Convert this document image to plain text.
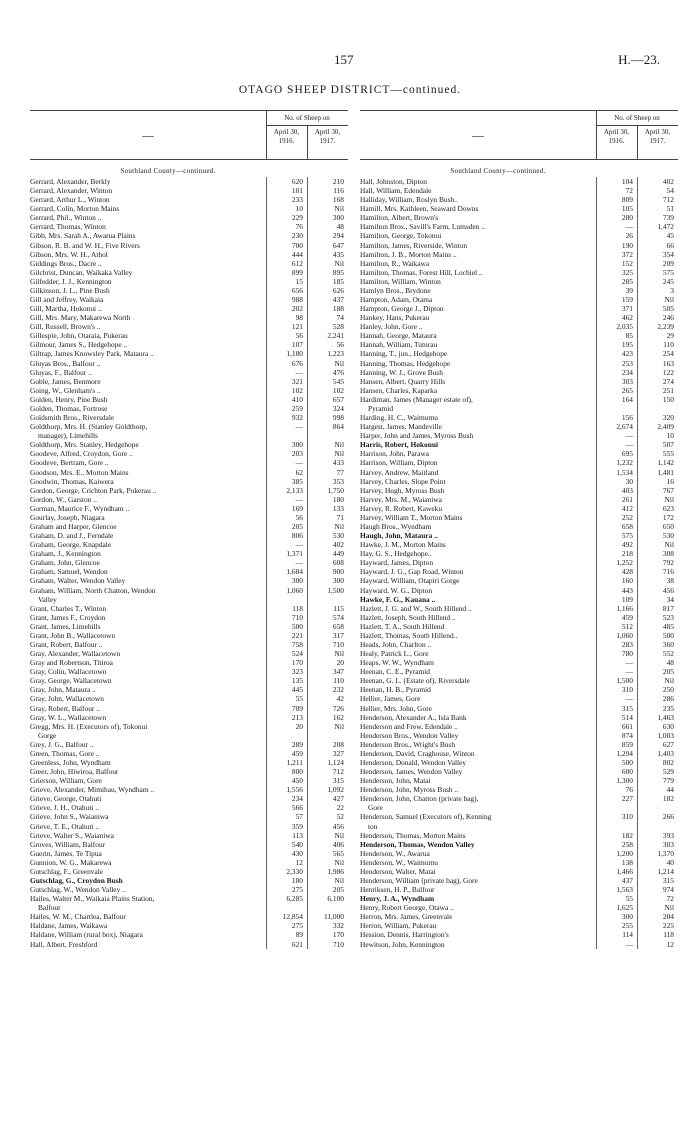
157	H.—23.
OTAGO SHEEP DISTRICT—continued.
—
No. of Sheep on
April 30, 1916.
April 30, 1917.
Southland County—continued.
Gerrard, Alexander, Berkly	620	210
Gerrard, Alexander, Winton	101	116
Gerrard, Arthur L., Winton	233	168
Gerrard, Colin, Morton Mains	10	Nil
Gerrard, Phil., Winton ..	229	300
Gerrard, Thomas, Winton	76	48
Gibb, Mrs. Sarah A., Awarua Plains	230	294
Gibson, R. B. and W. H., Five Rivers	700	647
Gibson, Mrs. W. H., Athol	444	435
Giddings Bros., Dacre ..	612	Nil
Gilchrist, Duncan, Waikaka Valley	899	895
Gilfedder, J. J., Kennington	15	185
Gilkinson, J. L., Pine Bush	656	626
Gill and Jeffrey, Waikaia	988	437
Gill, Martha, Hokonui ..	202	188
Gill, Mrs. Mary, Makarewa North	98	74
Gill, Russell, Brown's ..	121	528
Gillespie, John, Otaraia, Pukerau	56	2,241
Gilmour, James S., Hedgehope ..	107	56
Giltrap, James Knowsley Park, Mataura ..	1,180	1,223
Gluyas Bros., Balfour ..	676	Nil
Gluyas, F., Balfour ..	—	476
Goble, James, Benmore	321	545
Going, W., Glenham's ..	102	102
Golden, Henry, Pine Bush	410	657
Golden, Thomas, Fortrose	259	324
Goldsmith Bros., Riversdale	932	998
Goldthorp, Mrs. H. (Stanley Goldthorp,	—	864
manager), Limehills
Goldthorp, Mrs. Stanley, Hedgehope	300	Nil
Goodeve, Alfred, Croydon, Gore ..	203	Nil
Goodeve, Bertram, Gore ..	—	433
Goodson, Mrs. E., Morton Mains	62	77
Goodwin, Thomas, Kaiwera	385	353
Gordon, George, Crichton Park, Pukerau ..	2,133	1,750
Gordon, W., Garston ..	—	180
Gorman, Maurice F., Wyndham ..	169	133
Gourlay, Joseph, Niagara	56	71
Graham and Harper, Glencoe	205	Nil
Graham, D. and J., Ferndale	806	530
Graham, George, Knapdale	—	402
Graham, J., Kennington	1,371	449
Graham, John, Glencoe	—	608
Graham, Samuel, Wendon	1,684	900
Graham, Walter, Wendon Valley	300	300
Graham, William, North Chatton, Wendon	1,060	1,500
Valley
Grant, Charles T., Winton	118	115
Grant, James F., Croydon	710	574
Grant, James, Limehills	500	658
Grant, John B., Wallacetown	221	317
Grant, Robert, Balfour ..	758	710
Gray, Alexander, Wallacetown	524	Nil
Gray and Robertson, Titiroa	170	20
Gray, Colin, Wallacetown	323	347
Gray, George, Wallacetown	135	110
Gray, John, Mataura ..	445	232
Gray, John, Wallacetown	55	42
Gray, Robert, Balfour ..	709	726
Gray, W. L., Wallacetown	213	162
Gregg, Mrs. H. (Executors of), Tokonui	20	Nil
Gorge
Grey, J. G., Balfour ..	289	208
Green, Thomas, Gore ..	459	327
Greenless, John, Wyndham	1,211	1,124
Greer, John, Hiwiroa, Balfour	800	712
Grierson, William, Gore	450	315
Grieve, Alexander, Mimihau, Wyndham ..	1,556	1,092
Grieve, George, Otahuti	234	427
Grieve, J. H., Otahuti ..	566	22
Grieve, John S., Waianiwa	57	52
Grieve, T. E., Otahuti ..	359	456
Grieve, Walter S., Waianiwa	113	Nil
Groves, William, Balfour	540	406
Guerin, James, Te Tipua	430	565
Gunnion, W. G., Makarewa	12	Nil
Gutschlag, F., Greenvale	2,330	1,986
Gutschlag, G., Croydon Bush	180	Nil
Gutschlag, W., Wendon Valley ..	275	205
Hailes, Walter M., Waikaia Plains Station,	6,285	6,100
Balfour
Hailes, W. M., Chartlea, Balfour	12,854	11,000
Haldane, James, Waikawa	275	332
Haldane, William (rural box), Niagara	89	170
Hall, Albert, Freshford	621	710
—
No. of Sheep on
April 30, 1916.
April 30, 1917.
Southland County—continued.
Hall, Johnston, Dipton	104	402
Hall, William, Edendale	72	54
Halliday, William, Roslyn Bush..	809	712
Hamill, Mrs. Kathleen, Seaward Downs	105	51
Hamilton, Albert, Brown's	280	739
Hamilton Bros., Savill's Farm, Lumsden ..	—	1,472
Hamilton, George, Tokonui	26	45
Hamilton, James, Riverside, Winton	190	66
Hamilton, J. B., Morton Mains ..	372	354
Hamilton, R., Waikawa	152	209
Hamilton, Thomas, Forest Hill, Lochiel ..	325	575
Hamilton, William, Winton	285	245
Hamlyn Bros., Brydone	39	3
Hampton, Adam, Otama	159	Nil
Hampton, George J., Dipton	371	505
Hankey, Hans, Pukerau	462	246
Hanley, John, Gore ..	2,035	2,239
Hannah, George, Mataura	85	29
Hannah, William, Tuturau	195	110
Hanning, T., jun., Hedgehope	423	254
Hanning, Thomas, Hedgehope	253	163
Hanning, W. J., Grove Bush	234	122
Hansen, Albert, Quarry Hills	303	274
Hansen, Charles, Kaparka	265	251
Hardiman, James (Manager estate of),	164	150
Pyramid
Harding, H. C., Waimumu	156	320
Hargest, James, Mandeville	2,674	2,409
Harper, John and James, Myross Bush	—	10
Harris, Robert, Hokonui	—	507
Harrison, John, Parawa	695	555
Harrison, William, Dipton	1,232	1,142
Harvey, Andrew, Maitland	1,534	1,481
Harvey, Charles, Slope Point	30	16
Harvey, Hugh, Myross Bush	403	767
Harvey, Mrs. M., Waianiwa	261	Nil
Harvey, R. Robert, Kaweku	412	623
Harvey, William T., Morton Mains	252	172
Haugh Bros., Wyndham	658	650
Haugh, John, Mataura ..	575	530
Hawke, J. M., Morton Mains	492	Nil
Hay, G. S., Hedgehope..	218	308
Hayward, James, Dipton	1,252	792
Hayward, J. G., Gap Road, Winton	428	716
Hayward, William, Otapiri Gorge	160	38
Hayward, W. G., Dipton	443	456
Hawke, F. G., Kauana ..	109	34
Hazlett, J. G. and W., South Hillend ..	1,166	817
Hazlett, Joseph, South Hillend ..	459	523
Hazlett, T. A., South Hillend	512	485
Hazlett, Thomas, South Hillend..	1,060	500
Heads, John, Charlton ..	283	360
Healy, Patrick L., Gore	780	552
Heaps, W. W., Wyndham	—	48
Heenan, C. E., Pyramid	—	205
Heenan, G. L. (Estate of), Riversdale	1,500	Nil
Heenan, H. B., Pyramid	310	250
Hellier, James, Gore	—	286
Hellier, Mrs. John, Gore	315	235
Henderson, Alexander A., Isla Bank	514	1,463
Henderson and Frew, Edendale ..	661	630
Henderson Bros., Wendon Valley	874	1,003
Henderson Bros., Wright's Bush	859	627
Henderson, David, Craghouse, Winton	1,294	1,403
Henderson, Donald, Wendon Valley	500	802
Henderson, James, Wendon Valley	600	529
Henderson, John, Matai	1,300	779
Henderson, John, Myross Bush ..	76	44
Henderson, John, Chatton (private bag),	227	182
Gore
Henderson, Samuel (Executors of), Kenning	310	266
ton
Henderson, Thomas, Morton Mains	182	393
Henderson, Thomas, Wendon Valley	258	303
Henderson, W., Awarua	1,200	1,370
Henderson, W., Waimumu	138	40
Henderson, Walter, Matai	1,466	1,214
Henderson, William (private bag), Gore	437	315
Henriksen, H. P., Balfour	1,563	974
Henry, J. A., Wyndham	55	72
Henry, Robert George, Otawa ..	1,625	Nil
Herron, Mrs. James, Greenvale	300	204
Herron, William, Pukerau	255	225
Hession, Dennis, Harrington's	114	118
Hewitson, John, Kennington	—	12
